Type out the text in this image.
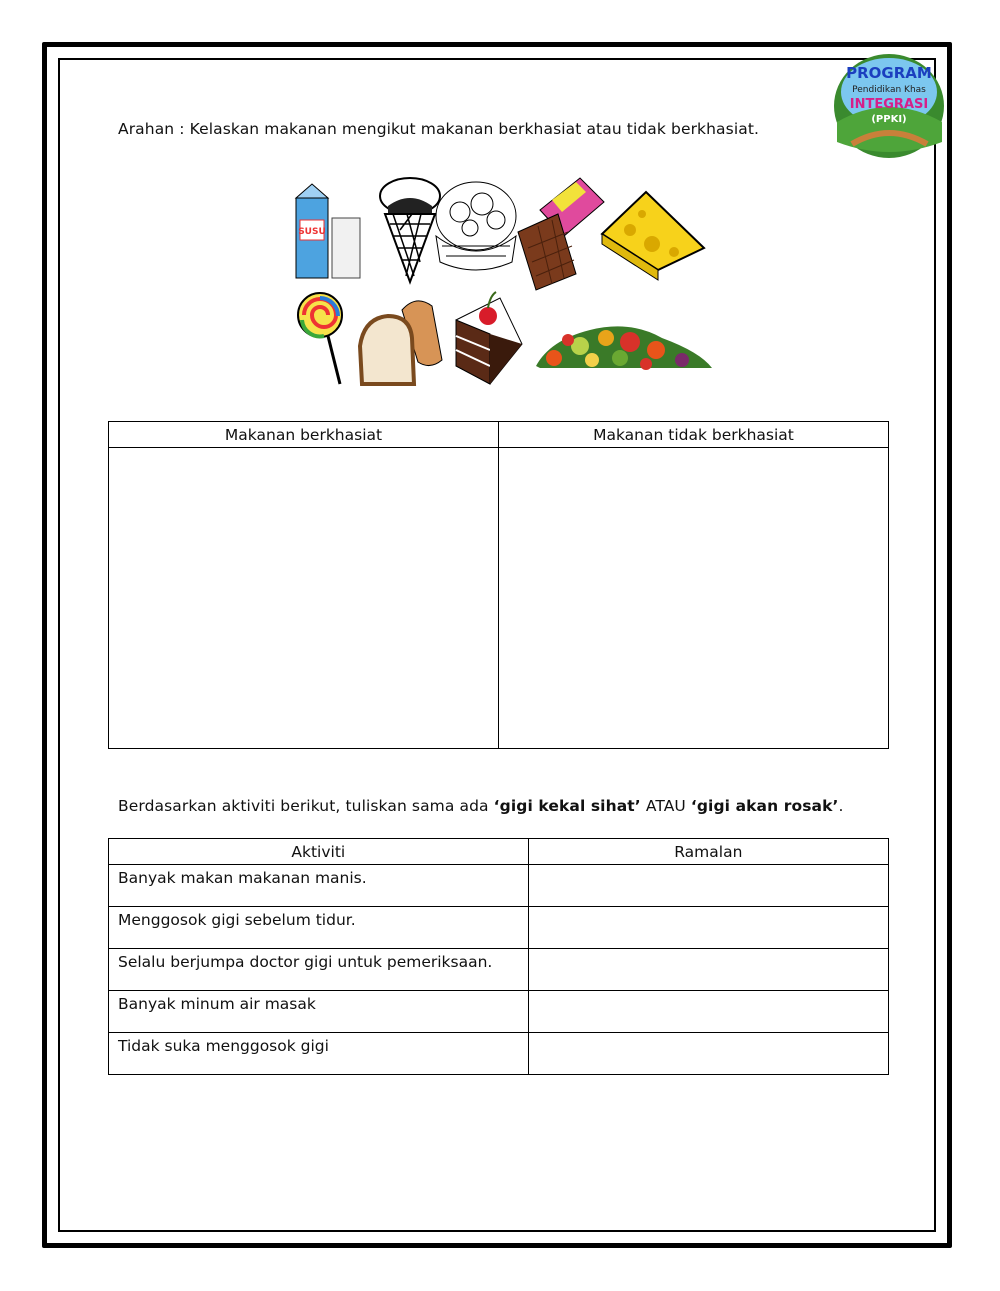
PROGRAM
Pendidikan Khas
INTEGRASI
(PPKI)
Arahan : Kelaskan makanan mengikut makanan berkhasiat atau tidak berkhasiat.
SUSU
Makanan berkhasiat	Makanan tidak berkhasiat

Berdasarkan aktiviti berikut, tuliskan sama ada ‘gigi kekal sihat’ ATAU ‘gigi akan rosak’.
Aktiviti	Ramalan
Banyak makan makanan manis.	
Menggosok gigi sebelum tidur.	
Selalu berjumpa doctor gigi untuk pemeriksaan.	
Banyak minum air masak	
Tidak suka menggosok gigi	
